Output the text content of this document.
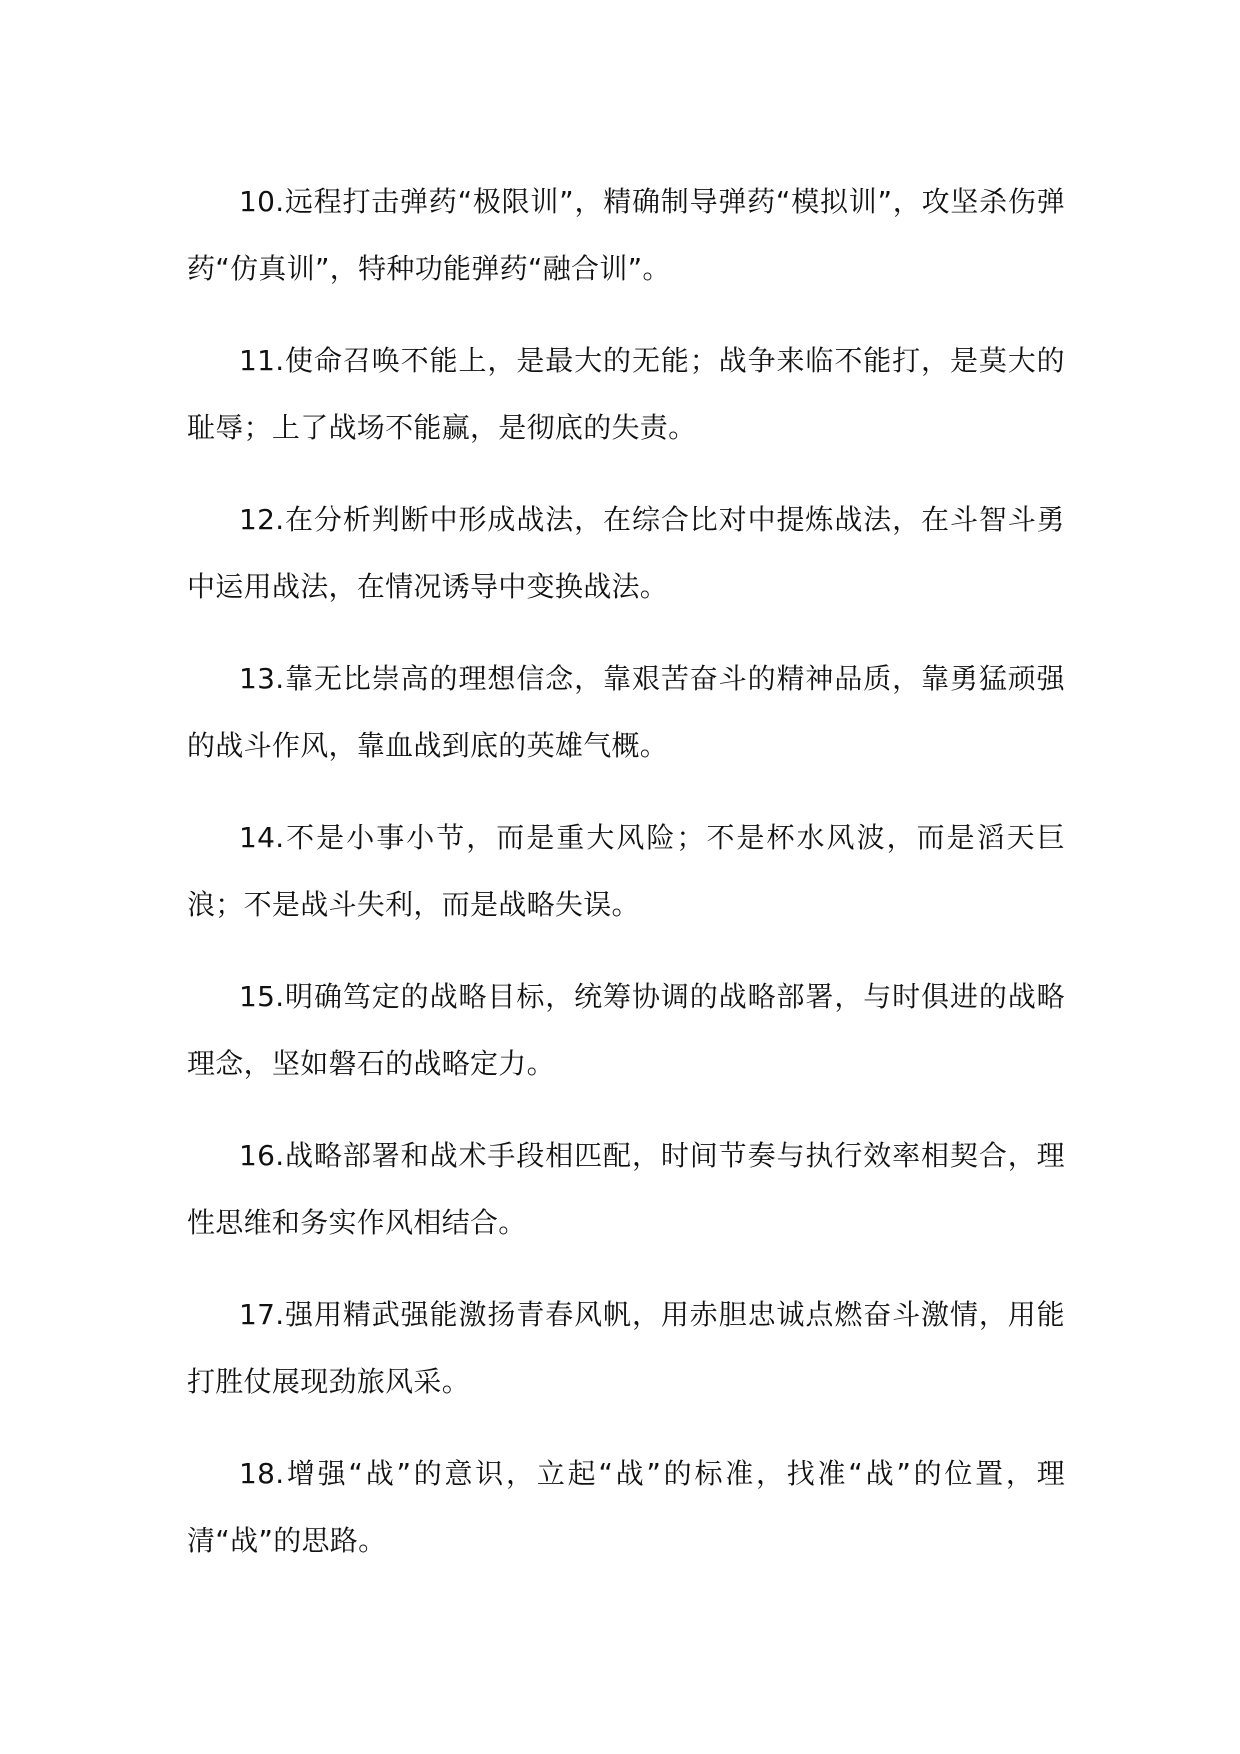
10.远程打击弹药“极限训”，精确制导弹药“模拟训”，攻坚杀伤弹药“仿真训”，特种功能弹药“融合训”。

11.使命召唤不能上，是最大的无能；战争来临不能打，是莫大的耻辱；上了战场不能赢，是彻底的失责。

12.在分析判断中形成战法，在综合比对中提炼战法，在斗智斗勇中运用战法，在情况诱导中变换战法。

13.靠无比崇高的理想信念，靠艰苦奋斗的精神品质，靠勇猛顽强的战斗作风，靠血战到底的英雄气概。

14.不是小事小节，而是重大风险；不是杯水风波，而是滔天巨浪；不是战斗失利，而是战略失误。

15.明确笃定的战略目标，统筹协调的战略部署，与时俱进的战略理念，坚如磐石的战略定力。

16.战略部署和战术手段相匹配，时间节奏与执行效率相契合，理性思维和务实作风相结合。

17.强用精武强能激扬青春风帆，用赤胆忠诚点燃奋斗激情，用能打胜仗展现劲旅风采。

18.增强“战”的意识，立起“战”的标准，找准“战”的位置，理清“战”的思路。
